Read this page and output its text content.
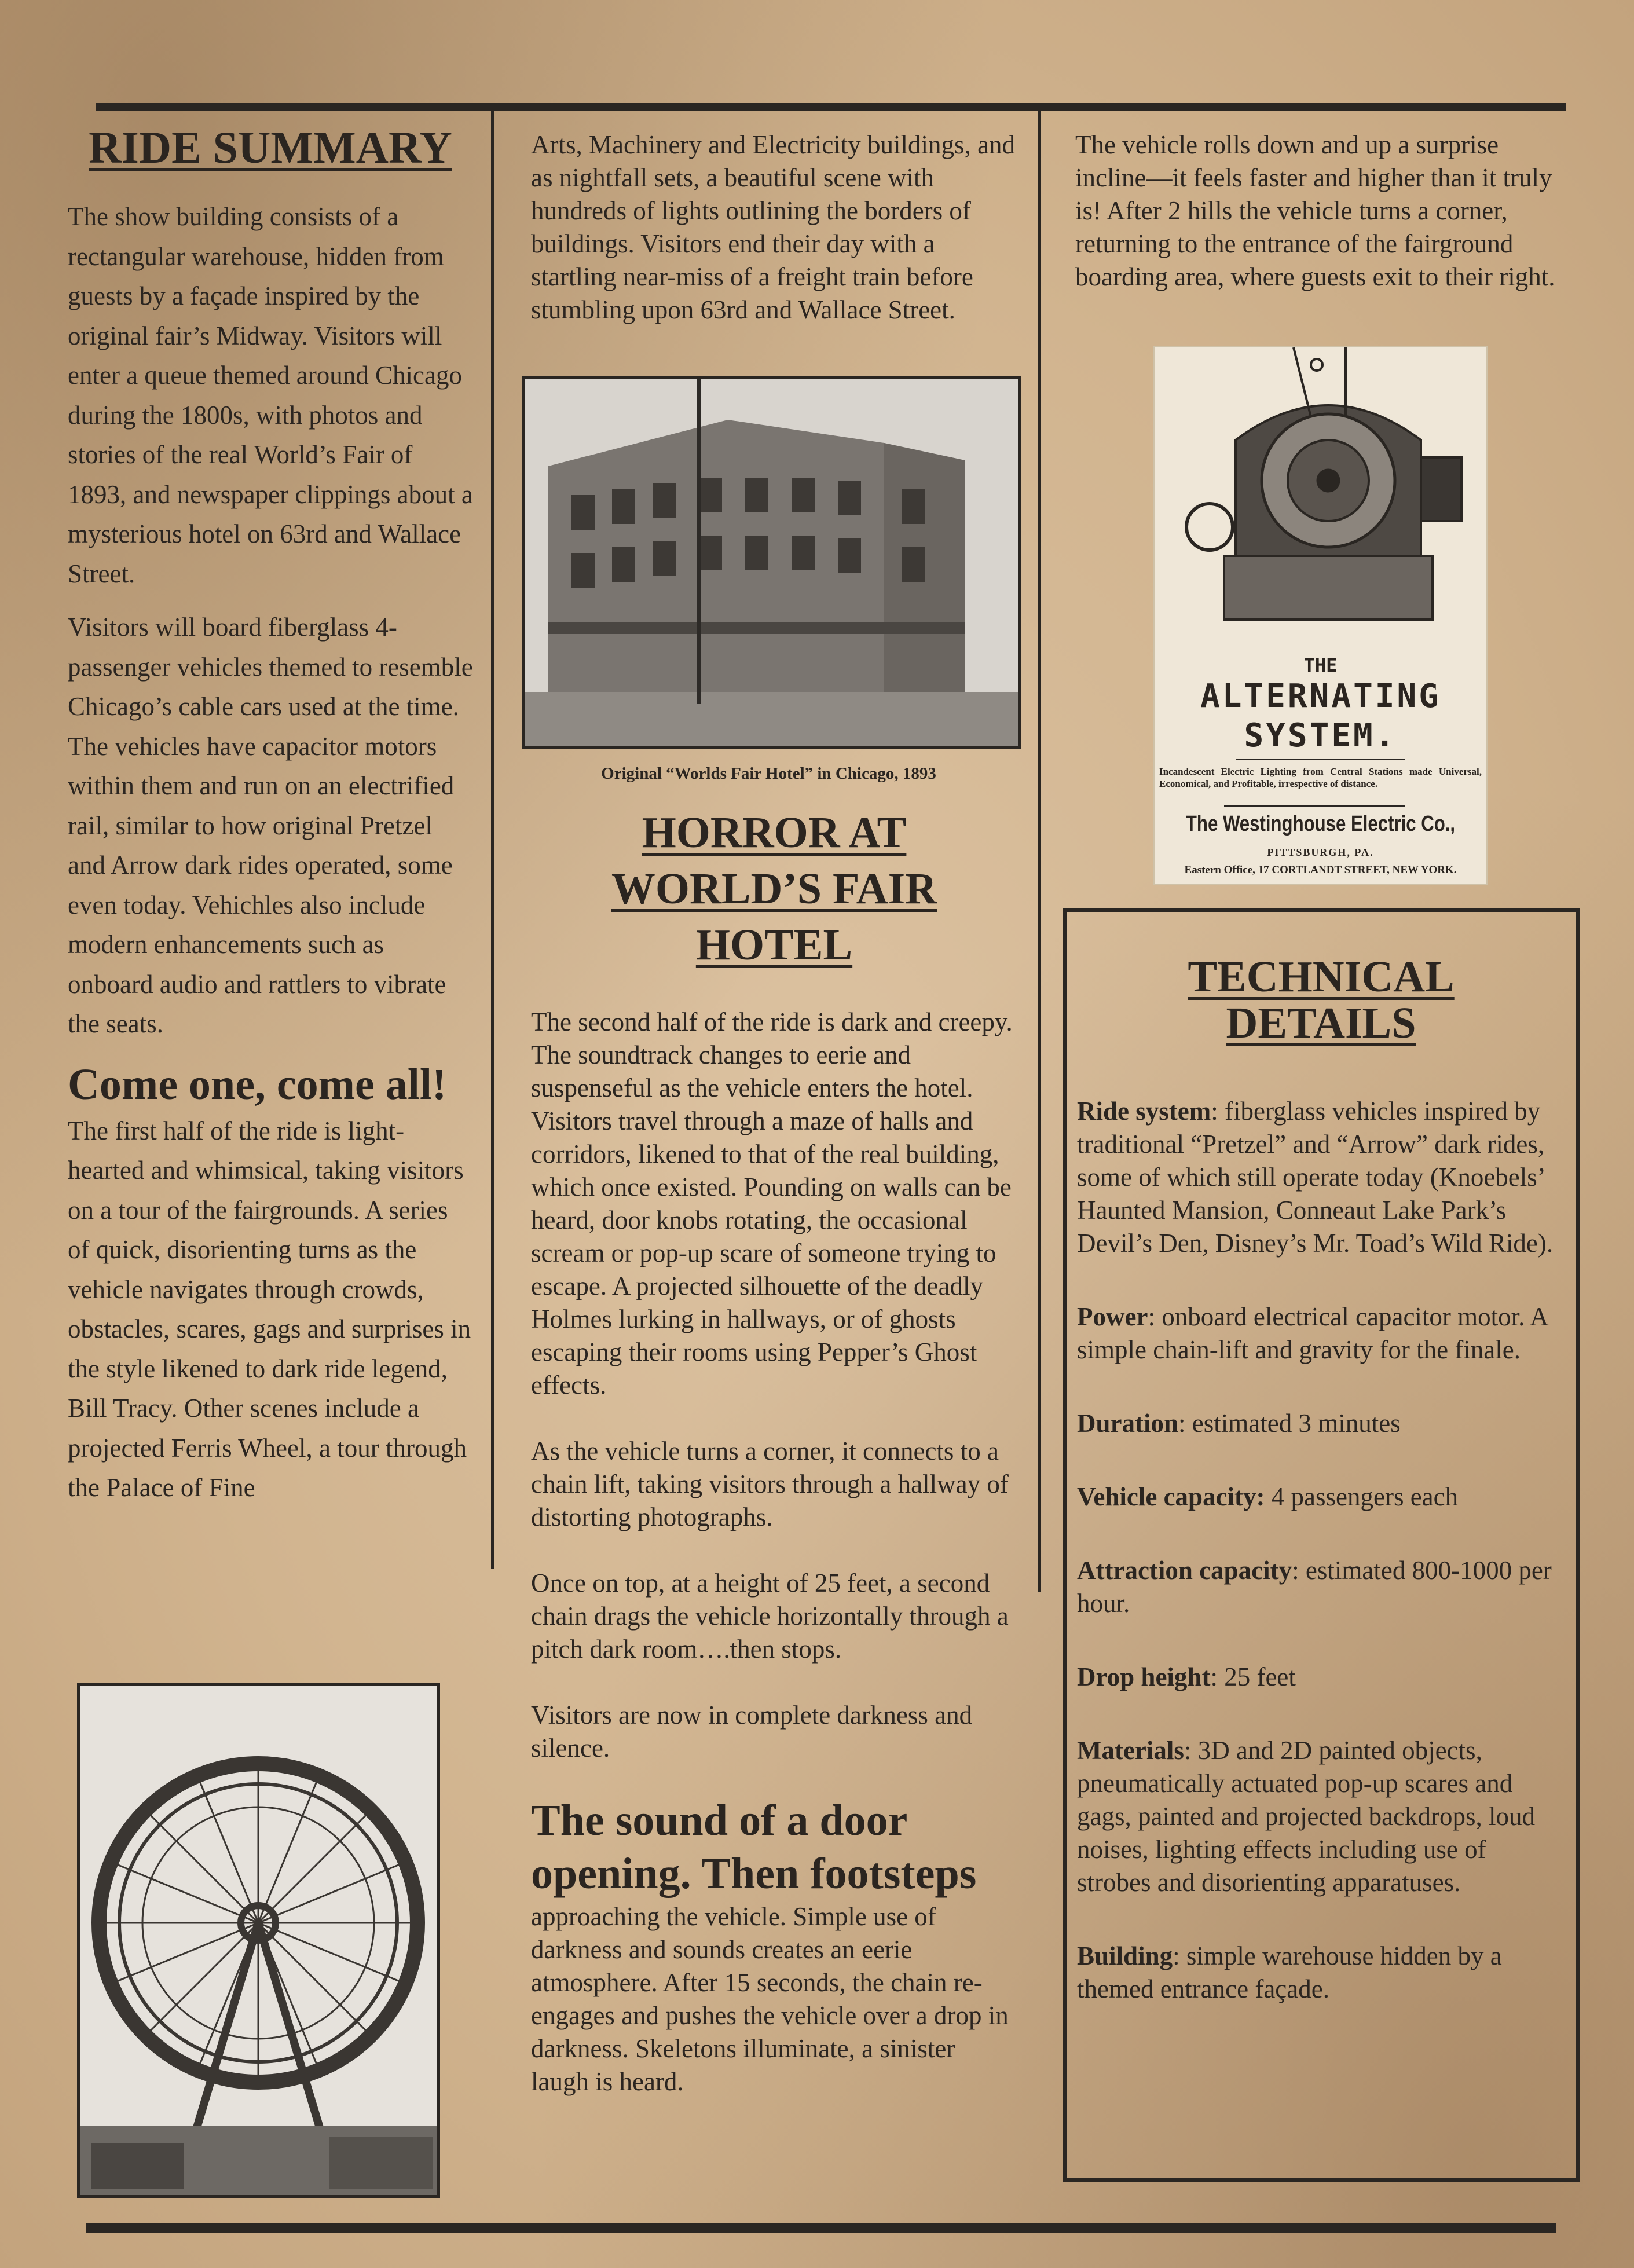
RIDE SUMMARY

The show building consists of a rectangular warehouse, hidden from guests by a façade inspired by the original fair’s Midway. Visitors will enter a queue themed around Chicago during the 1800s, with photos and stories of the real World’s Fair of 1893, and newspaper clippings about a mysterious hotel on 63rd and Wallace Street.

Visitors will board fiberglass 4-passenger vehicles themed to resemble Chicago’s cable cars used at the time. The vehicles have capacitor motors within them and run on an electrified rail, similar to how original Pretzel and Arrow dark rides operated, some even today. Vehichles also include modern enhancements such as onboard audio and rattlers to vibrate the seats.

Come one, come all! The first half of the ride is light-hearted and whimsical, taking visitors on a tour of the fairgrounds. A series of quick, disorienting turns as the vehicle navigates through crowds, obstacles, scares, gags and surprises in the style likened to dark ride legend, Bill Tracy. Other scenes include a projected Ferris Wheel, a tour through the Palace of Fine

Arts, Machinery and Electricity buildings, and as nightfall sets, a beautiful scene with hundreds of lights outlining the borders of buildings. Visitors end their day with a startling near-miss of a freight train before stumbling upon 63rd and Wallace Street.

Original “Worlds Fair Hotel” in Chicago, 1893
HORROR AT
WORLD’S FAIR
HOTEL

The second half of the ride is dark and creepy. The soundtrack changes to eerie and suspenseful as the vehicle enters the hotel. Visitors travel through a maze of halls and corridors, likened to that of the real building, which once existed. Pounding on walls can be heard, door knobs rotating, the occasional scream or pop-up scare of someone trying to escape. A projected silhouette of the deadly Holmes lurking in hallways, or of ghosts escaping their rooms using Pepper’s Ghost effects.

As the vehicle turns a corner, it connects to a chain lift, taking visitors through a hallway of distorting photographs.

Once on top, at a height of 25 feet, a second chain drags the vehicle horizontally through a pitch dark room….then stops.

Visitors are now in complete darkness and silence.

The sound of a door opening. Then footsteps approaching the vehicle. Simple use of darkness and sounds creates an eerie atmosphere. After 15 seconds, the chain re-engages and pushes the vehicle over a drop in darkness. Skeletons illuminate, a sinister laugh is heard.

The vehicle rolls down and up a surprise incline—it feels faster and higher than it truly is! After 2 hills the vehicle turns a corner, returning to the entrance of the fairground boarding area, where guests exit to their right.

THE
ALTERNATING
SYSTEM.
Incandescent Electric Lighting from Central Stations made Universal, Economical, and Profitable, irrespective of distance.
The Westinghouse Electric Co.,
PITTSBURGH, PA.
Eastern Office, 17 CORTLANDT STREET, NEW YORK.
TECHNICAL
DETAILS

Ride system: fiberglass vehicles inspired by traditional “Pretzel” and “Arrow” dark rides, some of which still operate today (Knoebels’ Haunted Mansion, Conneaut Lake Park’s Devil’s Den, Disney’s Mr. Toad’s Wild Ride).

Power: onboard electrical capacitor motor. A simple chain-lift and gravity for the finale.

Duration: estimated 3 minutes

Vehicle capacity: 4 passengers each

Attraction capacity: estimated 800-1000 per hour.

Drop height: 25 feet

Materials: 3D and 2D painted objects, pneumatically actuated pop-up scares and gags, painted and projected backdrops, loud noises, lighting effects including use of strobes and disorienting apparatuses.

Building: simple warehouse hidden by a themed entrance façade.
